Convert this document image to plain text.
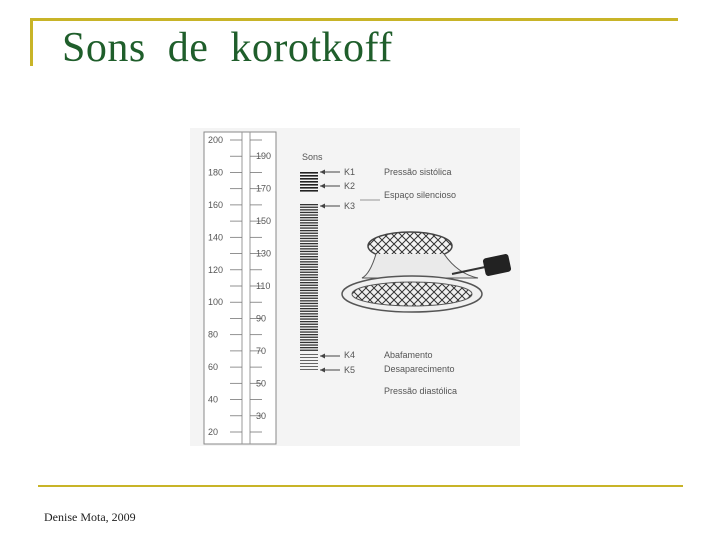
Sons  de  korotkoff
200
180
160
140
120
100
80
60
40
20
190
170
150
130
110
90
70
50
30
Sons
K1
K2
K3
K4
K5
Pressão sistólica
Espaço silencioso
Abafamento
Desaparecimento
Pressão diastólica
Denise Mota, 2009
